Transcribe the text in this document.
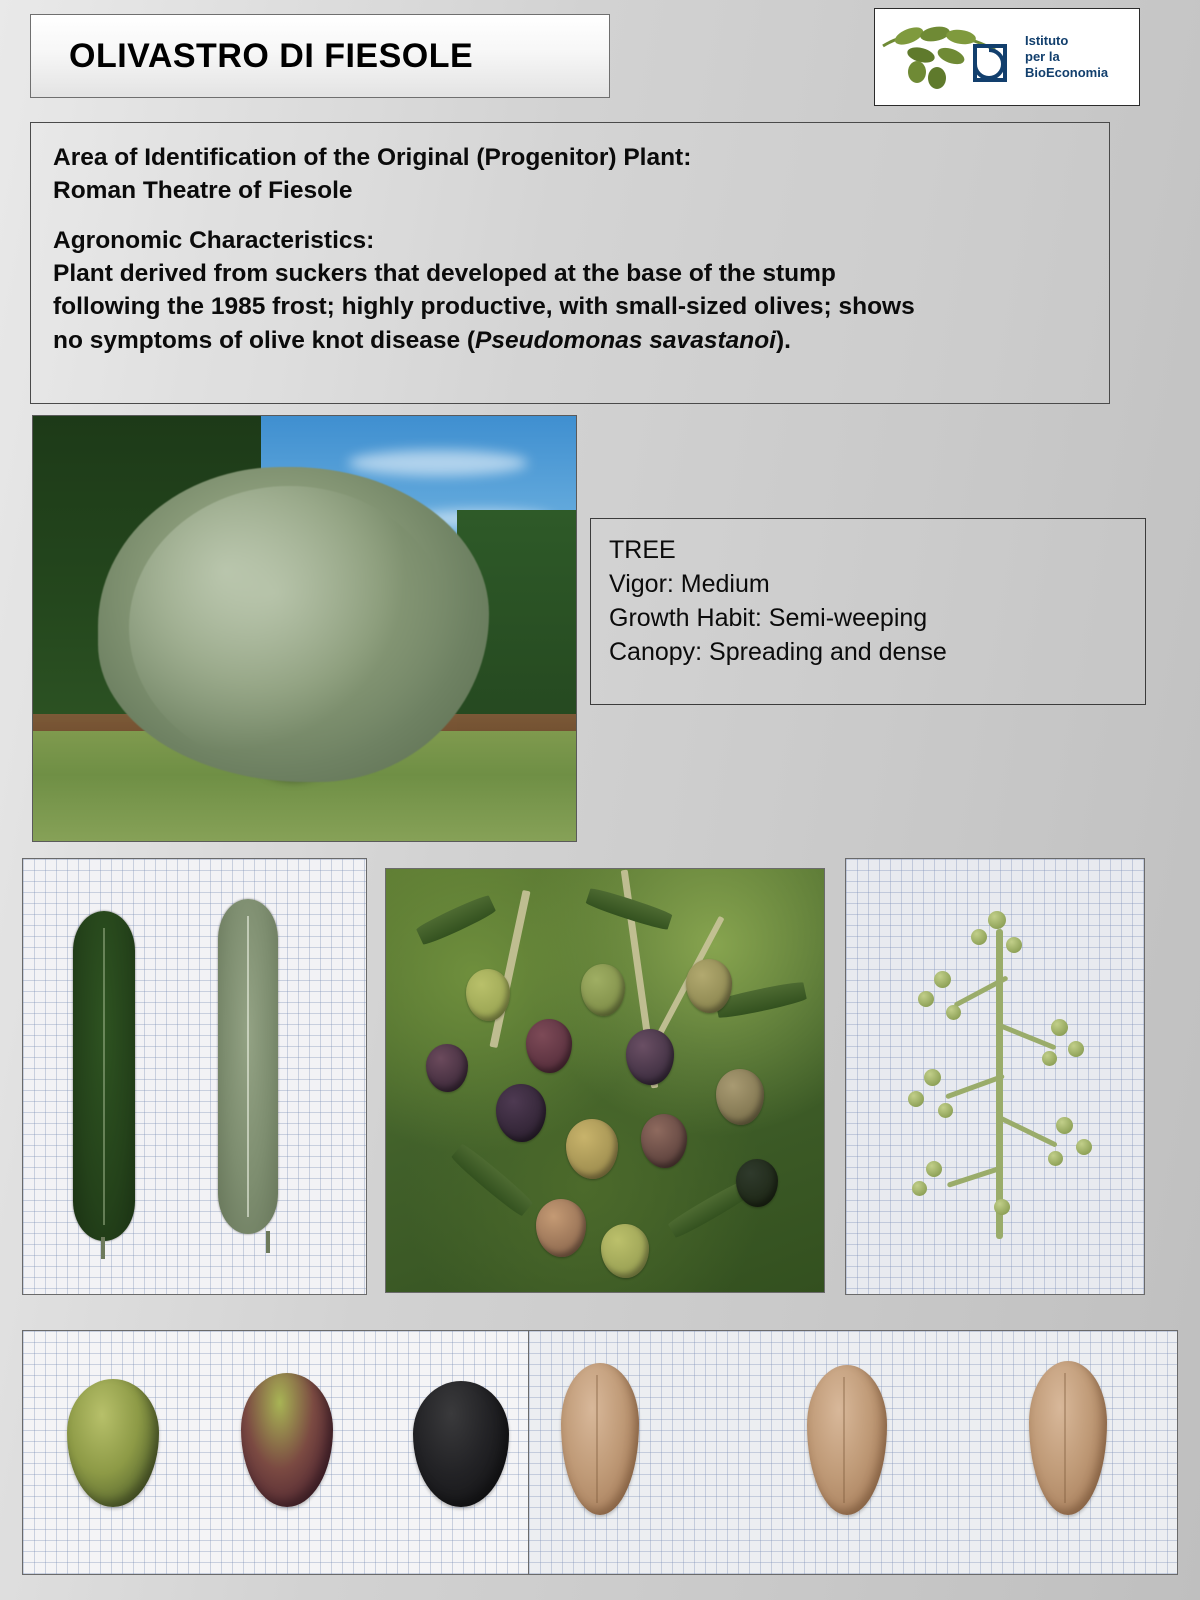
OLIVASTRO DI FIESOLE	Istituto
per la
BioEconomia

Area of Identification of the Original (Progenitor) Plant:

Roman Theatre of Fiesole

Agronomic Characteristics:

Plant derived from suckers that developed at the base of the stump

following the 1985 frost; highly productive, with small-sized olives; shows

no symptoms of olive knot disease (Pseudomonas savastanoi).

TREE
Vigor: Medium
Growth Habit: Semi-weeping
Canopy: Spreading and dense
